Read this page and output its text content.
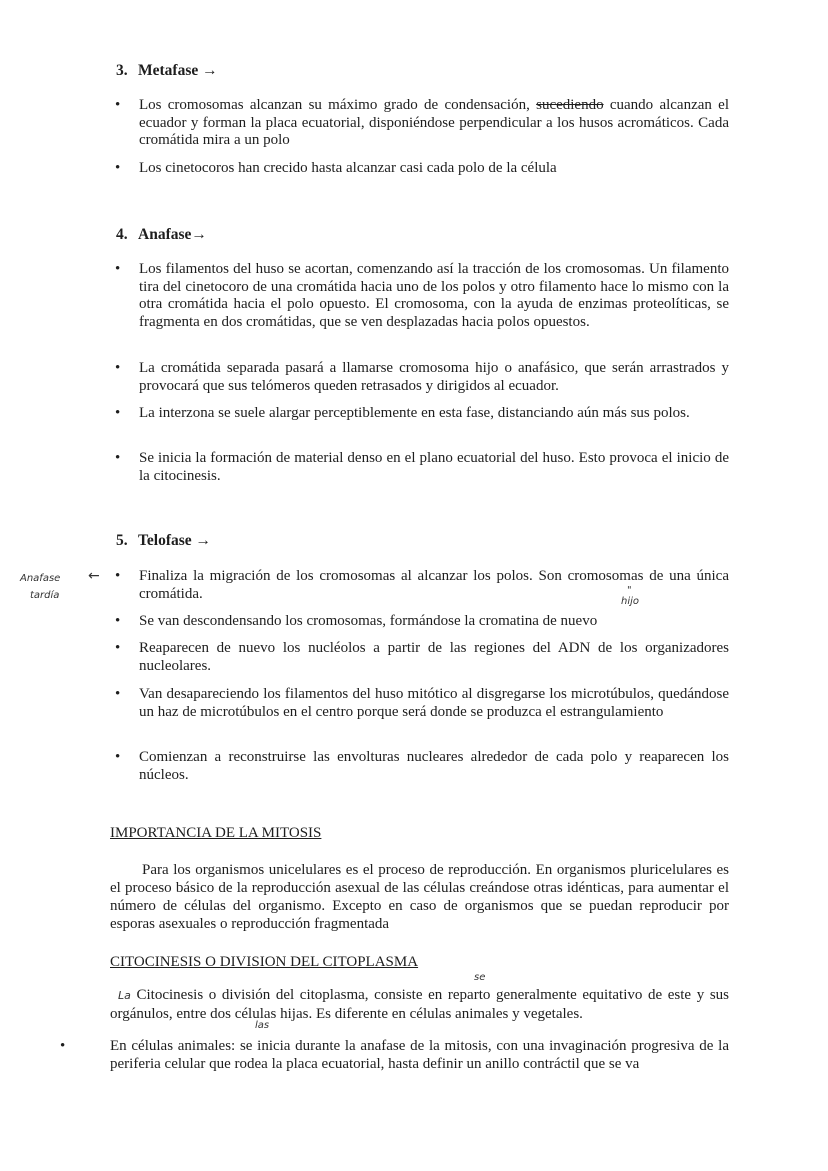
3. Metafase →
• Los cromosomas alcanzan su máximo grado de condensación, sucediendo cuando alcanzan el ecuador y forman la placa ecuatorial, disponiéndose perpendicular a los husos acromáticos. Cada cromátida mira a un polo
• Los cinetocoros han crecido hasta alcanzar casi cada polo de la célula
4. Anafase→
• Los filamentos del huso se acortan, comenzando así la tracción de los cromosomas. Un filamento tira del cinetocoro de una cromátida hacia uno de los polos y otro filamento hace lo mismo con la otra cromátida hacia el polo opuesto. El cromosoma, con la ayuda de enzimas proteolíticas, se fragmenta en dos cromátidas, que se ven desplazadas hacia polos opuestos.
• La cromátida separada pasará a llamarse cromosoma hijo o anafásico, que serán arrastrados y provocará que sus telómeros queden retrasados y dirigidos al ecuador.
• La interzona se suele alargar perceptiblemente en esta fase, distanciando aún más sus polos.
• Se inicia la formación de material denso en el plano ecuatorial del huso. Esto provoca el inicio de la citocinesis.
5. Telofase →
Anafase
tardía
←
•	Finaliza la migración de los cromosomas al alcanzar los polos. Son cromosomas de una única cromátida.	"
hijo
• Se van descondensando los cromosomas, formándose la cromatina de nuevo
• Reaparecen de nuevo los nucléolos a partir de las regiones del ADN de los organizadores nucleolares.
• Van desapareciendo los filamentos del huso mitótico al disgregarse los microtúbulos, quedándose un haz de microtúbulos en el centro porque será donde se produzca el estrangulamiento
• Comienzan a reconstruirse las envolturas nucleares alrededor de cada polo y reaparecen los núcleos.
IMPORTANCIA DE LA MITOSIS
Para los organismos unicelulares es el proceso de reproducción. En organismos pluricelulares es el proceso básico de la reproducción asexual de las células creándose otras idénticas, para aumentar el número de células del organismo. Excepto en caso de organismos que se puedan reproducir por esporas asexuales o reproducción fragmentada
CITOCINESIS O DIVISION DEL CITOPLASMA
se
La Citocinesis o división del citoplasma, consiste en reparto generalmente equitativo de este y sus orgánulos, entre dos células hijas. Es diferente en células animales y vegetales.
las
• En células animales: se inicia durante la anafase de la mitosis, con una invaginación progresiva de la periferia celular que rodea la placa ecuatorial, hasta definir un anillo contráctil que se va
